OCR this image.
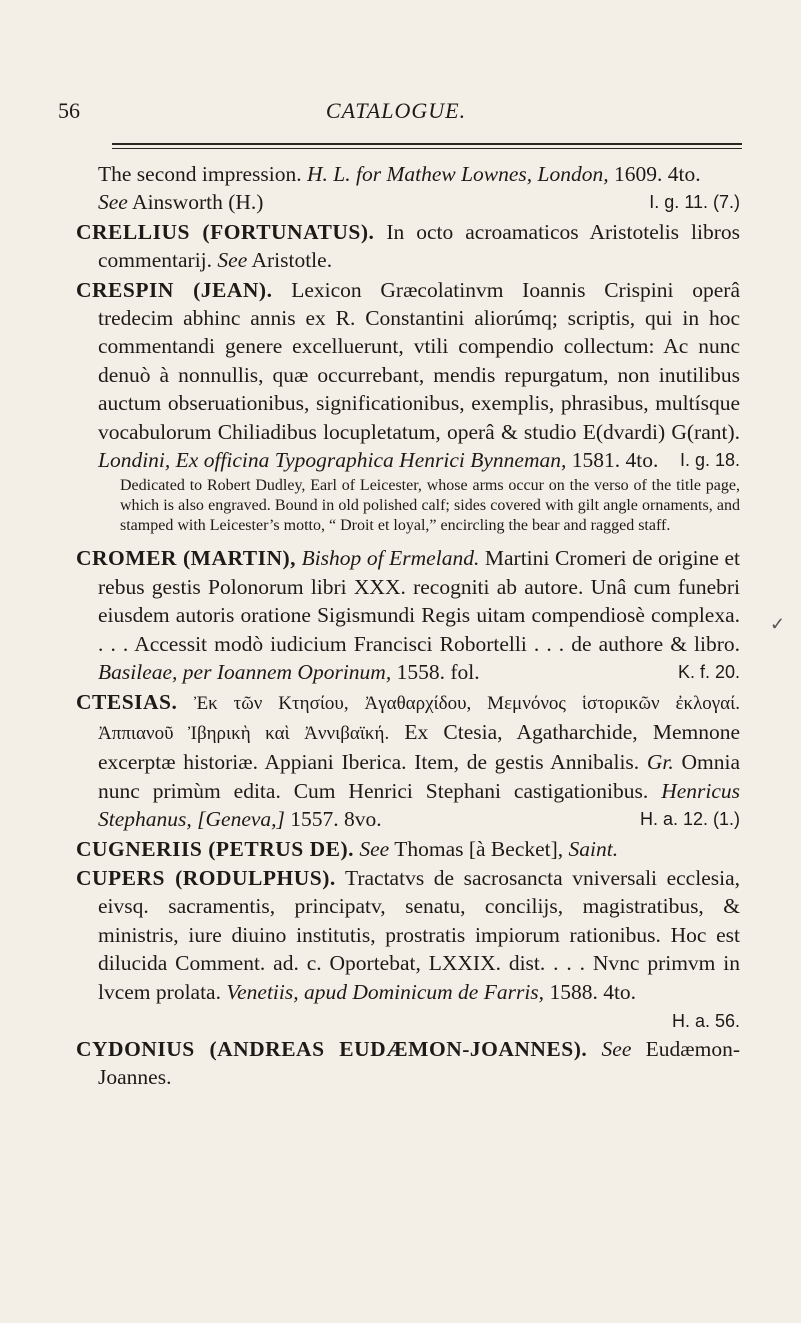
56	CATALOGUE.
The second impression. H. L. for Mathew Lownes, London, 1609. 4to.
I. g. 11. (7.)

See Ainsworth (H.)
CRELLIUS (FORTUNATUS). In octo acroamaticos Aristotelis libros commentarij. See Aristotle.
CRESPIN (JEAN). Lexicon Græcolatinvm Ioannis Crispini operâ tredecim abhinc annis ex R. Constantini aliorúmq; scriptis, qui in hoc commentandi genere excelluerunt, vtili compendio collectum: Ac nunc denuò à nonnullis, quæ occurrebant, mendis repurgatum, non inutilibus auctum obseruationibus, significationibus, exemplis, phrasibus, multísque vocabulorum Chiliadibus locupletatum, operâ & studio E(dvardi) G(rant). Londini, Ex officina Typographica Henrici Bynneman, 1581. 4to. I. g. 18.
Dedicated to Robert Dudley, Earl of Leicester, whose arms occur on the verso of the title page, which is also engraved. Bound in old polished calf; sides covered with gilt angle ornaments, and stamped with Leicester’s motto, “ Droit et loyal,” encircling the bear and ragged staff.
CROMER (MARTIN), Bishop of Ermeland. Martini Cromeri de origine et rebus gestis Polonorum libri XXX. recogniti ab autore. Unâ cum funebri eiusdem autoris oratione Sigismundi Regis uitam compendiosè complexa. . . . Accessit modò iudicium Francisci Robortelli . . . de authore & libro. Basileae, per Ioannem Oporinum, 1558. fol.	K. f. 20.
CTESIAS. Ἐκ τῶν Κτησίου, Ἀγαθαρχίδου, Μεμνόνος ἱστορικῶν ἐκλογαί. Ἀππιανοῦ Ἰβηρικὴ καὶ Ἀννιβαϊκή. Ex Ctesia, Agatharchide, Memnone excerptæ historiæ. Appiani Iberica. Item, de gestis Annibalis. Gr. Omnia nunc primùm edita. Cum Henrici Stephani castigationibus. Henricus Stephanus, [Geneva,] 1557. 8vo.	H. a. 12. (1.)
CUGNERIIS (PETRUS DE). See Thomas [à Becket], Saint.
CUPERS (RODULPHUS). Tractatvs de sacrosancta vniversali ecclesia, eivsq. sacramentis, principatv, senatu, concilijs, magistratibus, & ministris, iure diuino institutis, prostratis impiorum rationibus. Hoc est dilucida Comment. ad. c. Oportebat, LXXIX. dist. . . . Nvnc primvm in lvcem prolata. Venetiis, apud Dominicum de Farris, 1588. 4to.
H. a. 56.
CYDONIUS (ANDREAS EUDÆMON-JOANNES). See Eudæmon-Joannes.
✓
